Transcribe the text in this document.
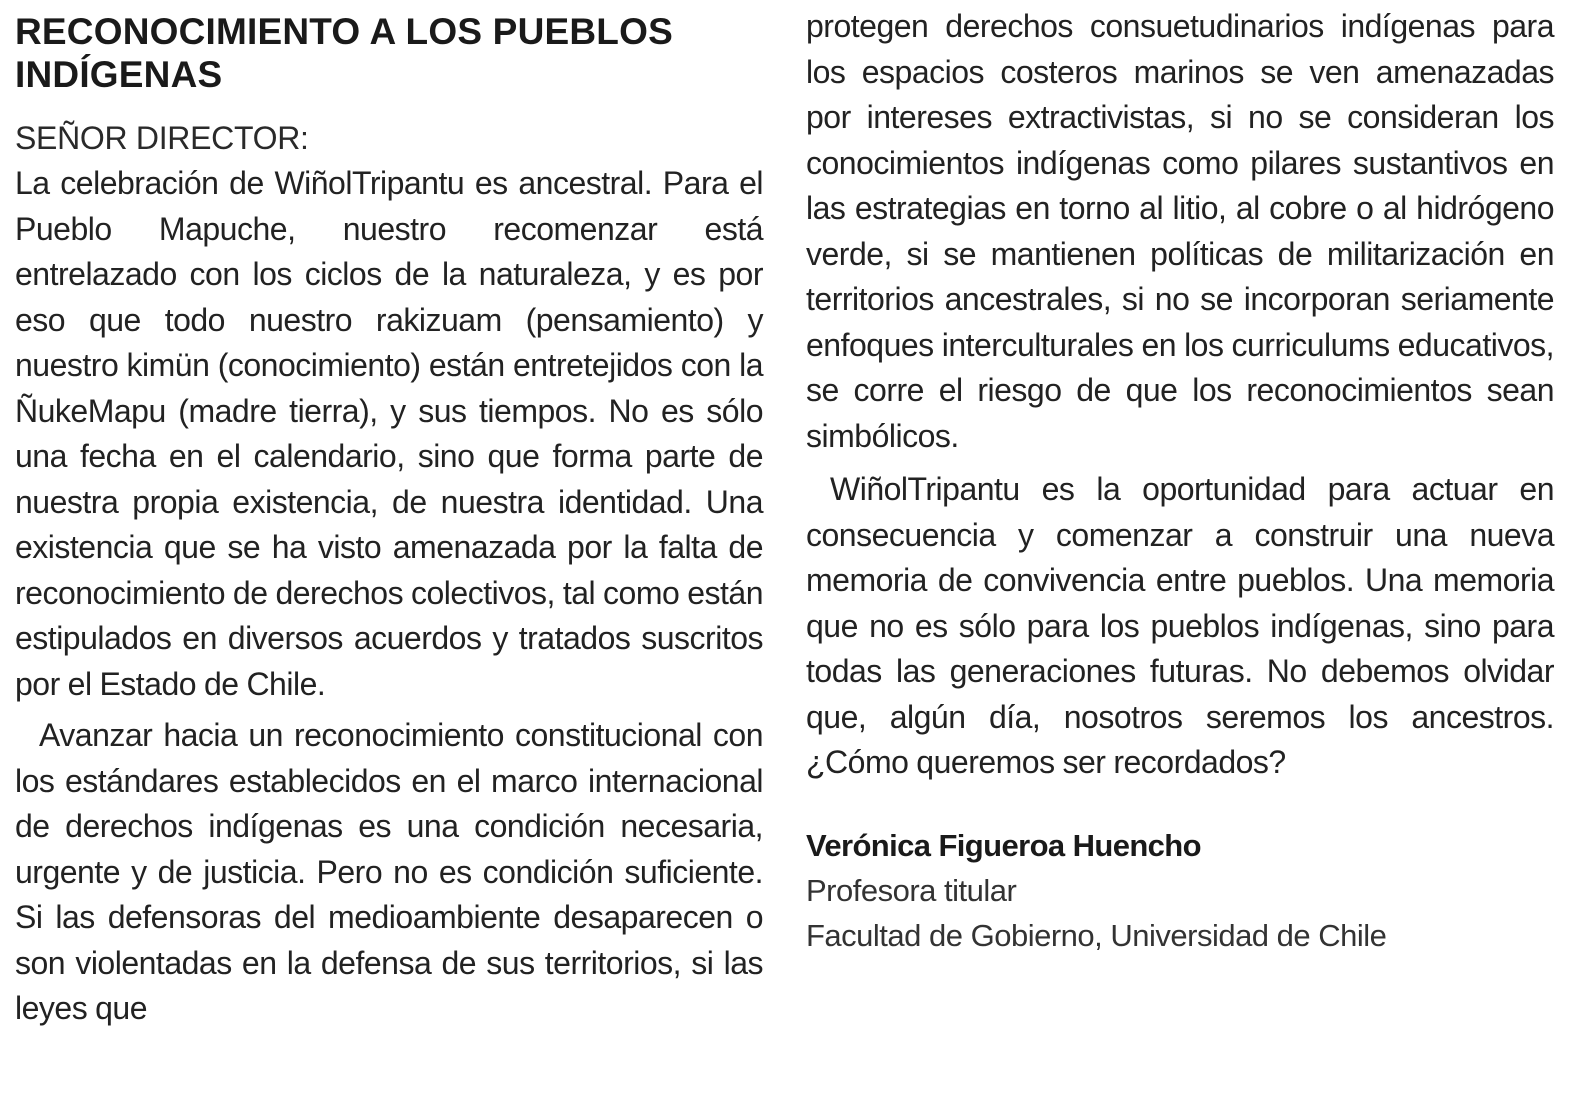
RECONOCIMIENTO A LOS PUEBLOS INDÍGENAS

SEÑOR DIRECTOR:

La celebración de WiñolTripantu es ancestral. Para el Pueblo Mapuche, nuestro recomenzar está entrelazado con los ciclos de la naturaleza, y es por eso que todo nuestro rakizuam (pensamiento) y nuestro kimün (conocimiento) están entretejidos con la ÑukeMapu (madre tierra), y sus tiempos. No es sólo una fecha en el calendario, sino que forma parte de nuestra propia existencia, de nuestra identidad. Una existencia que se ha visto amenazada por la falta de reconocimiento de derechos colectivos, tal como están estipulados en diversos acuerdos y tratados suscritos por el Estado de Chile.

Avanzar hacia un reconocimiento constitucional con los estándares establecidos en el marco internacional de derechos indígenas es una condición necesaria, urgente y de justicia. Pero no es condición suficiente. Si las defensoras del medioambiente desaparecen o son violentadas en la defensa de sus territorios, si las leyes que

protegen derechos consuetudinarios indígenas para los espacios costeros marinos se ven amenazadas por intereses extractivistas, si no se consideran los conocimientos indígenas como pilares sustantivos en las estrategias en torno al litio, al cobre o al hidrógeno verde, si se mantienen políticas de militarización en territorios ancestrales, si no se incorporan seriamente enfoques interculturales en los curriculums educativos, se corre el riesgo de que los reconocimientos sean simbólicos.

WiñolTripantu es la oportunidad para actuar en consecuencia y comenzar a construir una nueva memoria de convivencia entre pueblos. Una memoria que no es sólo para los pueblos indígenas, sino para todas las generaciones futuras. No debemos olvidar que, algún día, nosotros seremos los ancestros. ¿Cómo queremos ser recordados?

Verónica Figueroa Huencho
Profesora titular
Facultad de Gobierno, Universidad de Chile
